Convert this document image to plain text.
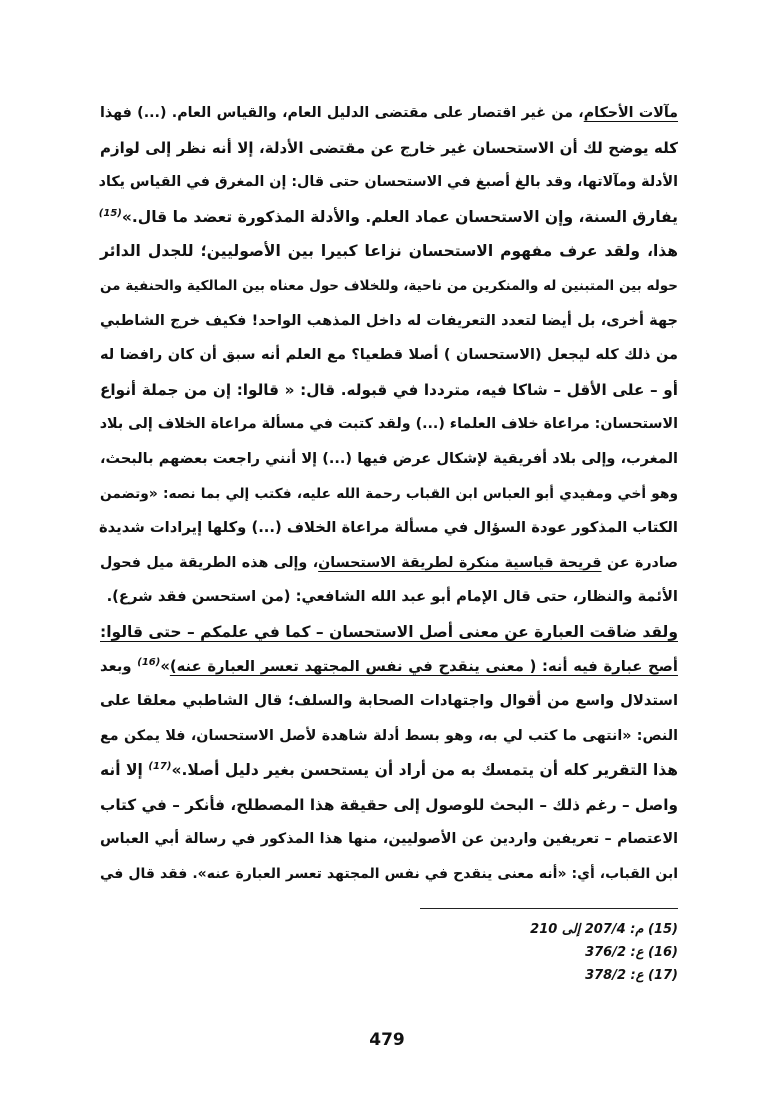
مآلات الأحكام، من غير اقتصار على مقتضى الدليل العام، والقياس العام. (...) فهذا
كله يوضح لك أن الاستحسان غير خارج عن مقتضى الأدلة، إلا أنه نظر إلى لوازم
الأدلة ومآلاتها، وقد بالغ أصبغ في الاستحسان حتى قال: إن المغرق في القياس يكاد
يفارق السنة، وإن الاستحسان عماد العلم. والأدلة المذكورة تعضد ما قال.»$^{(15)}$
هذا، ولقد عرف مفهوم الاستحسان نزاعا كبيرا بين الأصوليين؛ للجدل الدائر
حوله بين المتبنين له والمنكرين من ناحية، وللخلاف حول معناه بين المالكية والحنفية من
جهة أخرى، بل أيضا لتعدد التعريفات له داخل المذهب الواحد! فكيف خرج الشاطبي
من ذلك كله ليجعل (الاستحسان ) أصلا قطعيا؟ مع العلم أنه سبق أن كان رافضا له
أو – على الأقل – شاكا فيه، مترددا في قبوله. قال: « قالوا: إن من جملة أنواع
الاستحسان: مراعاة خلاف العلماء (...) ولقد كتبت في مسألة مراعاة الخلاف إلى بلاد
المغرب، وإلى بلاد أفريقية لإشكال عرض فيها (...) إلا أنني راجعت بعضهم بالبحث،
وهو أخي ومفيدي أبو العباس ابن القباب رحمة الله عليه، فكتب إلي بما نصه: «وتضمن
الكتاب المذكور عودة السؤال في مسألة مراعاة الخلاف (...) وكلها إيرادات شديدة
صادرة عن قريحة قياسية منكرة لطريقة الاستحسان، وإلى هذه الطريقة ميل فحول
الأئمة والنظار، حتى قال الإمام أبو عبد الله الشافعي: (من استحسن فقد شرع).
ولقد ضاقت العبارة عن معنى أصل الاستحسان – كما في علمكم – حتى قالوا:
أصح عبارة فيه أنه: ( معنى ينقدح في نفس المجتهد تعسر العبارة عنه)»$^{(16)}$ وبعد
استدلال واسع من أقوال واجتهادات الصحابة والسلف؛ قال الشاطبي معلقا على
النص: «انتهى ما كتب لي به، وهو بسط أدلة شاهدة لأصل الاستحسان، فلا يمكن مع
هذا التقرير كله أن يتمسك به من أراد أن يستحسن بغير دليل أصلا.»$^{(17)}$ إلا أنه
واصل – رغم ذلك – البحث للوصول إلى حقيقة هذا المصطلح، فأنكر – في كتاب
الاعتصام – تعريفين واردين عن الأصوليين، منها هذا المذكور في رسالة أبي العباس
ابن القباب، أي: «أنه معنى ينقدح في نفس المجتهد تعسر العبارة عنه». فقد قال في
(15) م: 207/4 إلى 210
(16) ع: 376/2
(17) ع: 378/2
479
